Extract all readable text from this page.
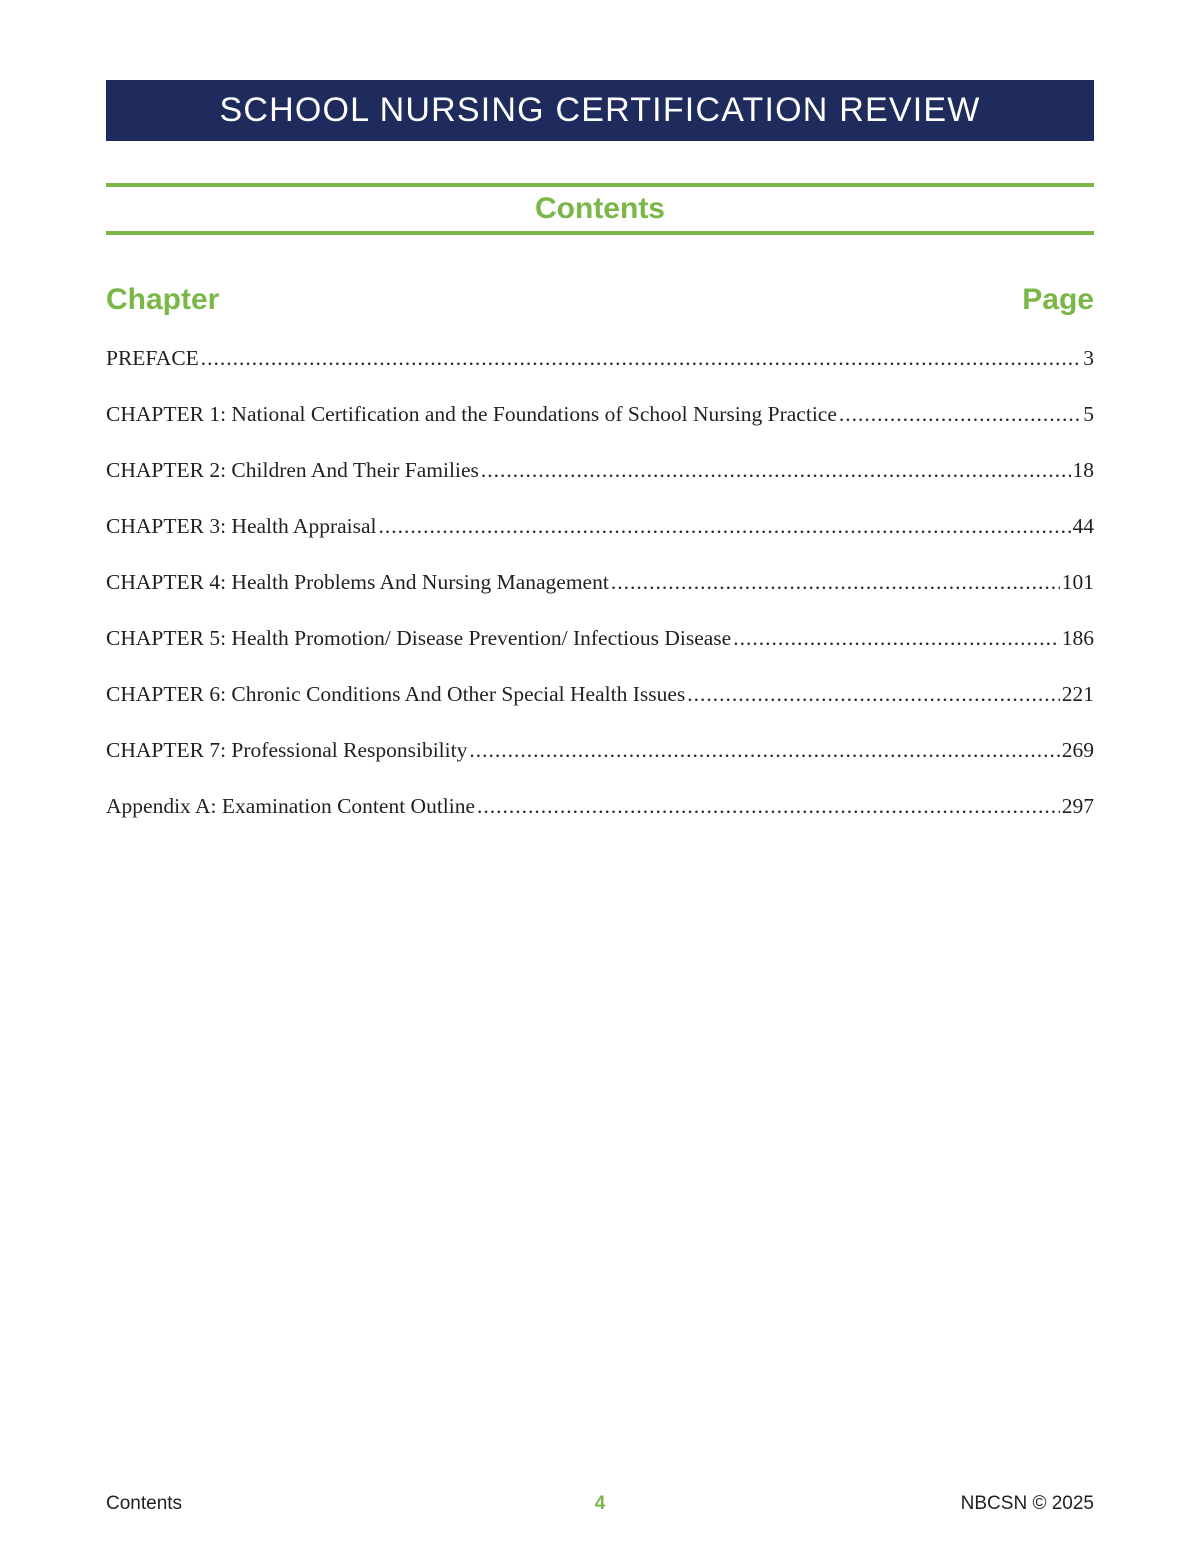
SCHOOL NURSING CERTIFICATION REVIEW
Contents
Chapter	Page
PREFACE .....	3
CHAPTER 1: National Certification and the Foundations of School Nursing Practice .....	5
CHAPTER 2: Children And Their Families .....	18
CHAPTER 3: Health Appraisal .....	44
CHAPTER 4: Health Problems And Nursing Management .....	101
CHAPTER 5: Health Promotion/ Disease Prevention/ Infectious Disease .....	186
CHAPTER 6: Chronic Conditions And Other Special Health Issues .....	221
CHAPTER 7: Professional Responsibility .....	269
Appendix A: Examination Content Outline .....	297
Contents	4	NBCSN © 2025
